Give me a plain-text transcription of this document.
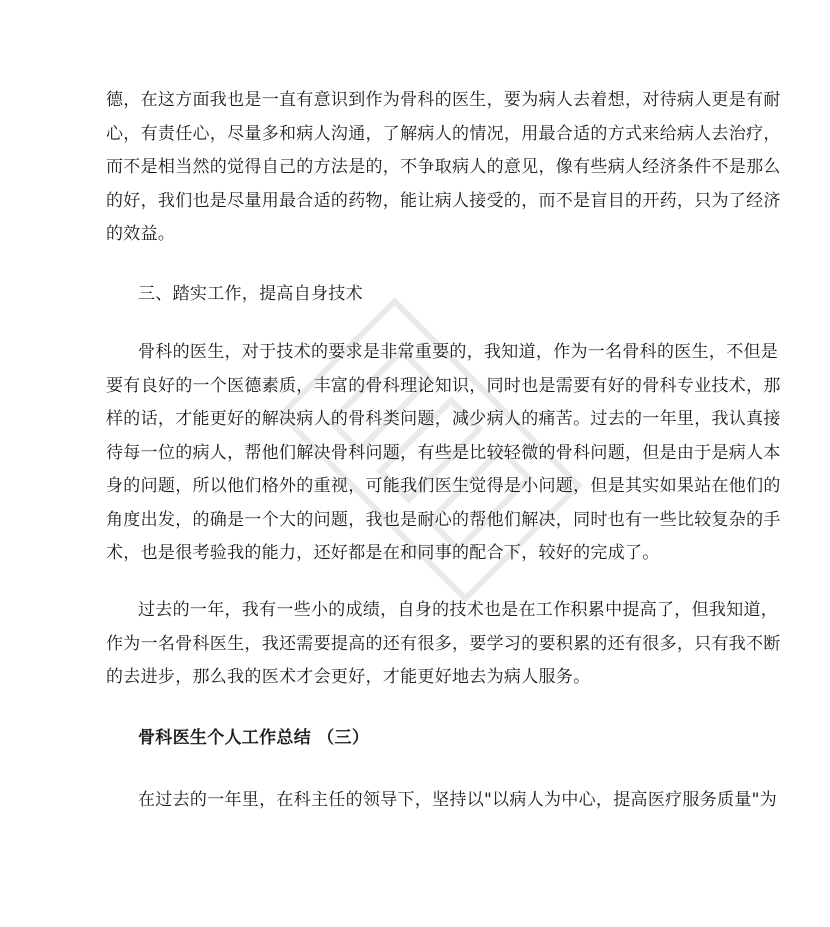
德，在这方面我也是一直有意识到作为骨科的医生，要为病人去着想，对待病人更是有耐
心，有责任心，尽量多和病人沟通，了解病人的情况，用最合适的方式来给病人去治疗，
而不是相当然的觉得自己的方法是的，不争取病人的意见，像有些病人经济条件不是那么
的好，我们也是尽量用最合适的药物，能让病人接受的，而不是盲目的开药，只为了经济
的效益。
三、踏实工作，提高自身技术
骨科的医生，对于技术的要求是非常重要的，我知道，作为一名骨科的医生，不但是
要有良好的一个医德素质，丰富的骨科理论知识，同时也是需要有好的骨科专业技术，那
样的话，才能更好的解决病人的骨科类问题，减少病人的痛苦。过去的一年里，我认真接
待每一位的病人，帮他们解决骨科问题，有些是比较轻微的骨科问题，但是由于是病人本
身的问题，所以他们格外的重视，可能我们医生觉得是小问题，但是其实如果站在他们的
角度出发，的确是一个大的问题，我也是耐心的帮他们解决，同时也有一些比较复杂的手
术，也是很考验我的能力，还好都是在和同事的配合下，较好的完成了。
过去的一年，我有一些小的成绩，自身的技术也是在工作积累中提高了，但我知道，
作为一名骨科医生，我还需要提高的还有很多，要学习的要积累的还有很多，只有我不断
的去进步，那么我的医术才会更好，才能更好地去为病人服务。
骨科医生个人工作总结 （三）
在过去的一年里，在科主任的领导下，坚持以"以病人为中心，提高医疗服务质量"为
